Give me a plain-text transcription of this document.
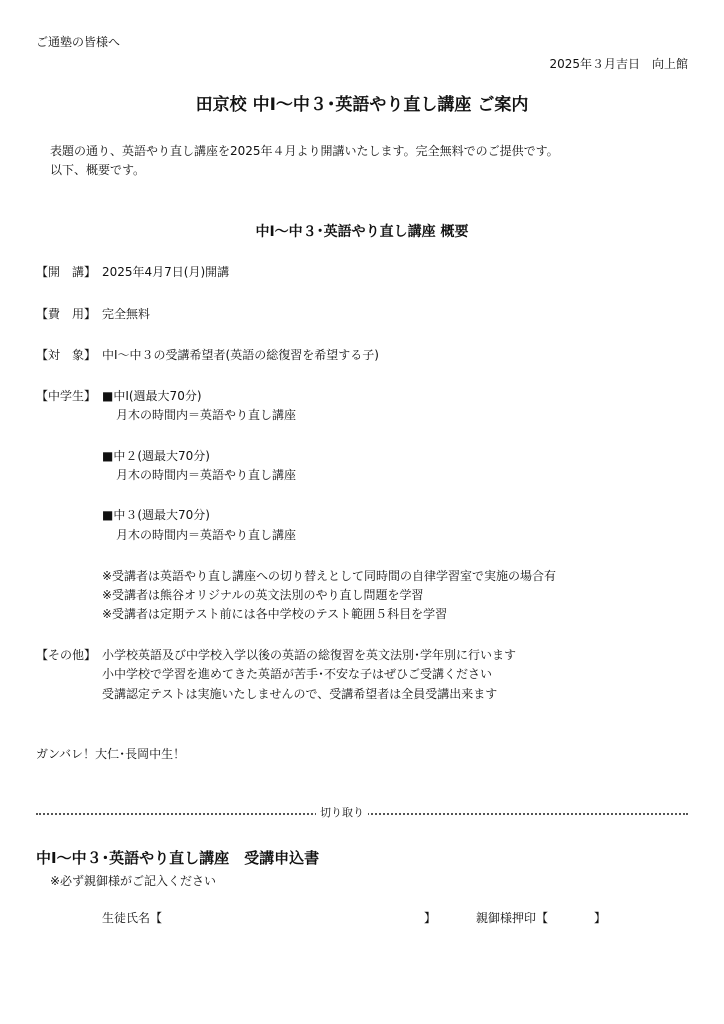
ご通塾の皆様へ
2025年３月吉日　向上館
田京校 中Ⅰ～中３･英語やり直し講座 ご案内
表題の通り、英語やり直し講座を2025年４月より開講いたします。完全無料でのご提供です。
以下、概要です。
中Ⅰ～中３･英語やり直し講座 概要
【開　講】 2025年4月7日(月)開講
【費　用】 完全無料
【対　象】 中Ⅰ～中３の受講希望者(英語の総復習を希望する子)
【中学生】 ■中Ⅰ(週最大70分)
月木の時間内＝英語やり直し講座
■中２(週最大70分)
月木の時間内＝英語やり直し講座
■中３(週最大70分)
月木の時間内＝英語やり直し講座
※受講者は英語やり直し講座への切り替えとして同時間の自律学習室で実施の場合有
※受講者は熊谷オリジナルの英文法別のやり直し問題を学習
※受講者は定期テスト前には各中学校のテスト範囲５科目を学習
【その他】 小学校英語及び中学校入学以後の英語の総復習を英文法別･学年別に行います
小中学校で学習を進めてきた英語が苦手･不安な子はぜひご受講ください
受講認定テストは実施いたしませんので、受講希望者は全員受講出来ます
ガンバレ！大仁･長岡中生！
切り取り
中Ⅰ～中３･英語やり直し講座　受講申込書
※必ず親御様がご記入ください
生徒氏名【	】	親御様押印【	】
